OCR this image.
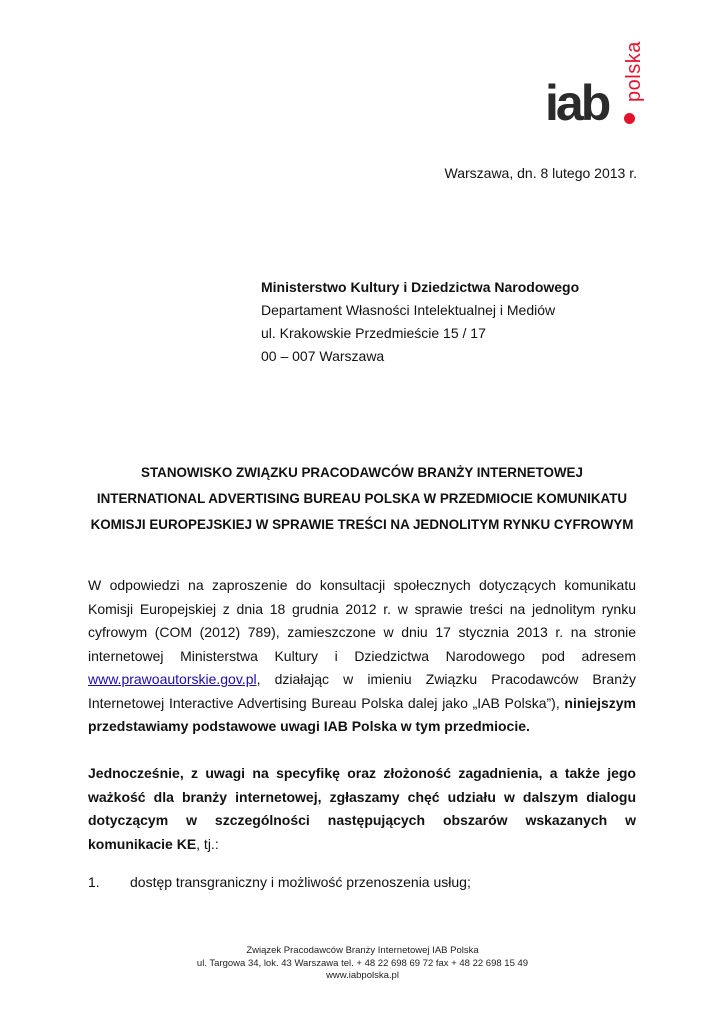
iab
polska
Warszawa, dn. 8 lutego 2013 r.
Ministerstwo Kultury i Dziedzictwa Narodowego
Departament Własności Intelektualnej i Mediów
ul. Krakowskie Przedmieście 15 / 17
00 – 007 Warszawa
STANOWISKO ZWIĄZKU PRACODAWCÓW BRANŻY INTERNETOWEJ
INTERNATIONAL ADVERTISING BUREAU POLSKA W PRZEDMIOCIE KOMUNIKATU
KOMISJI EUROPEJSKIEJ W SPRAWIE TREŚCI NA JEDNOLITYM RYNKU CYFROWYM
W odpowiedzi na zaproszenie do konsultacji społecznych dotyczących komunikatu Komisji Europejskiej z dnia 18 grudnia 2012 r. w sprawie treści na jednolitym rynku cyfrowym (COM (2012) 789), zamieszczone w dniu 17 stycznia 2013 r. na stronie internetowej Ministerstwa Kultury i Dziedzictwa Narodowego pod adresem www.prawoautorskie.gov.pl, działając w imieniu Związku Pracodawców Branży Internetowej Interactive Advertising Bureau Polska dalej jako „IAB Polska”), niniejszym przedstawiamy podstawowe uwagi IAB Polska w tym przedmiocie.
Jednocześnie, z uwagi na specyfikę oraz złożoność zagadnienia, a także jego ważkość dla branży internetowej, zgłaszamy chęć udziału w dalszym dialogu dotyczącym w szczególności następujących obszarów wskazanych w komunikacie KE, tj.:
1. dostęp transgraniczny i możliwość przenoszenia usług;
Związek Pracodawców Branży Internetowej IAB Polska
ul. Targowa 34, lok. 43 Warszawa tel. + 48 22 698 69 72 fax + 48 22 698 15 49
www.iabpolska.pl
